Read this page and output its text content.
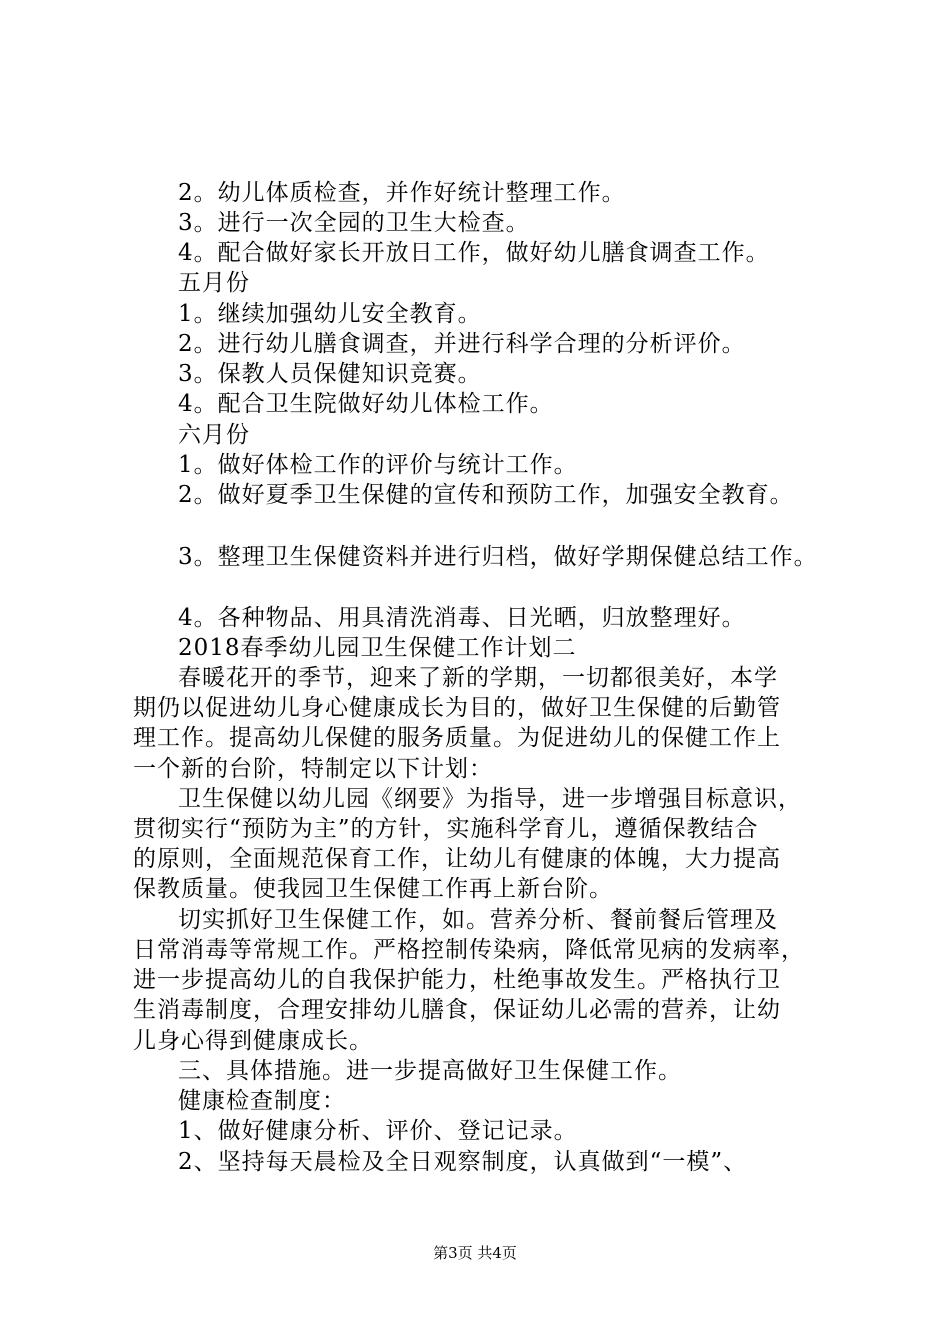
2。幼儿体质检查，并作好统计整理工作。
3。进行一次全园的卫生大检查。
4。配合做好家长开放日工作，做好幼儿膳食调查工作。
五月份
1。继续加强幼儿安全教育。
2。进行幼儿膳食调查，并进行科学合理的分析评价。
3。保教人员保健知识竞赛。
4。配合卫生院做好幼儿体检工作。
六月份
1。做好体检工作的评价与统计工作。
2。做好夏季卫生保健的宣传和预防工作，加强安全教育。
3。整理卫生保健资料并进行归档，做好学期保健总结工作。
4。各种物品、用具清洗消毒、日光晒，归放整理好。
2018春季幼儿园卫生保健工作计划二
春暖花开的季节，迎来了新的学期，一切都很美好，本学
期仍以促进幼儿身心健康成长为目的，做好卫生保健的后勤管
理工作。提高幼儿保健的服务质量。为促进幼儿的保健工作上
一个新的台阶，特制定以下计划：
卫生保健以幼儿园《纲要》为指导，进一步增强目标意识，
贯彻实行“预防为主”的方针，实施科学育儿，遵循保教结合
的原则，全面规范保育工作，让幼儿有健康的体魄，大力提高
保教质量。使我园卫生保健工作再上新台阶。
切实抓好卫生保健工作，如。营养分析、餐前餐后管理及
日常消毒等常规工作。严格控制传染病，降低常见病的发病率，
进一步提高幼儿的自我保护能力，杜绝事故发生。严格执行卫
生消毒制度，合理安排幼儿膳食，保证幼儿必需的营养，让幼
儿身心得到健康成长。
三、具体措施。进一步提高做好卫生保健工作。
健康检查制度：
1、做好健康分析、评价、登记记录。
2、坚持每天晨检及全日观察制度，认真做到“一模”、
第3页 共4页
